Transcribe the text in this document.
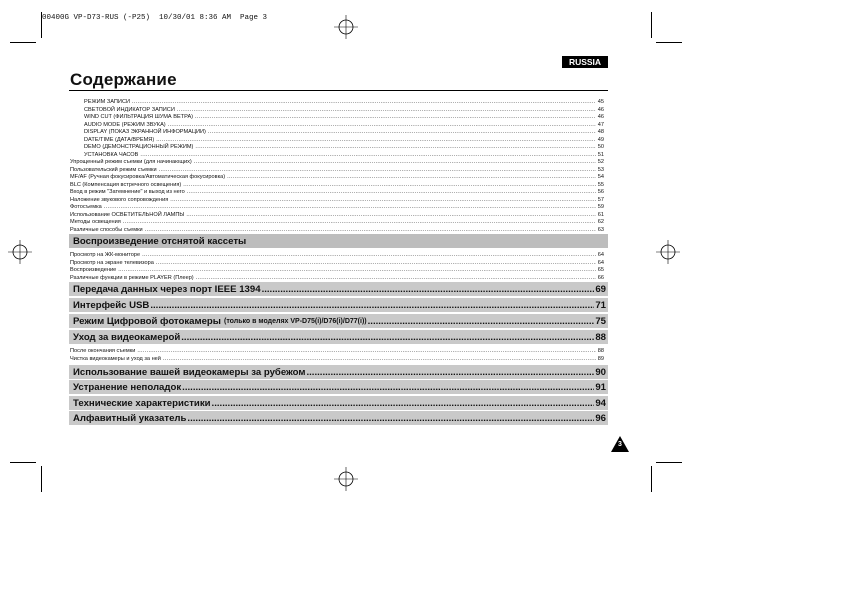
00400G VP-D73-RUS (-P25)  10/30/01 8:36 AM  Page 3
RUSSIA
Содержание
РЕЖИМ ЗАПИСИ .....	45
СВЕТОВОЙ ИНДИКАТОР ЗАПИСИ .....	46
WIND CUT (ФИЛЬТРАЦИЯ ШУМА ВЕТРА) .....	46
AUDIO MODE (РЕЖИМ ЗВУКА) .....	47
DISPLAY (ПОКАЗ ЭКРАННОЙ ИНФОРМАЦИИ) .....	48
DATE/TIME (ДАТА/ВРЕМЯ) .....	49
DEMO (ДЕМОНСТРАЦИОННЫЙ РЕЖИМ) .....	50
УСТАНОВКА ЧАСОВ .....	51
Упрощенный режим съемки (для начинающих) .....	52
Пользовательский режим съемки .....	53
MF/AF (Ручная фокусировка/Автоматическая фокусировка) .....	54
BLC (Компенсация встречного освещения) .....	55
Вход в режим "Затемнение" и выход из него .....	56
Наложение звукового сопровождения .....	57
Фотосъемка .....	59
Использование ОСВЕТИТЕЛЬНОЙ ЛАМПЫ .....	61
Методы освещения .....	62
Различные способы съемки .....	63
Воспроизведение отснятой кассеты
Просмотр на ЖК-мониторе .....	64
Просмотр на экране телевизора .....	64
Воспроизведение .....	65
Различные функции в режиме PLAYER (Плеер) .....	66
Передача данных через порт IEEE 1394 .....	69
Интерфейс USB .....	71
Режим Цифровой фотокамеры (только в моделях VP-D75(i)/D76(i)/D77(i)) .....	75
Уход за видеокамерой .....	88
После окончания съемки .....	88
Чистка видеокамеры и уход за ней .....	89
Использование вашей видеокамеры за рубежом .....	90
Устранение неполадок .....	91
Технические характеристики .....	94
Алфавитный указатель .....	96
3
